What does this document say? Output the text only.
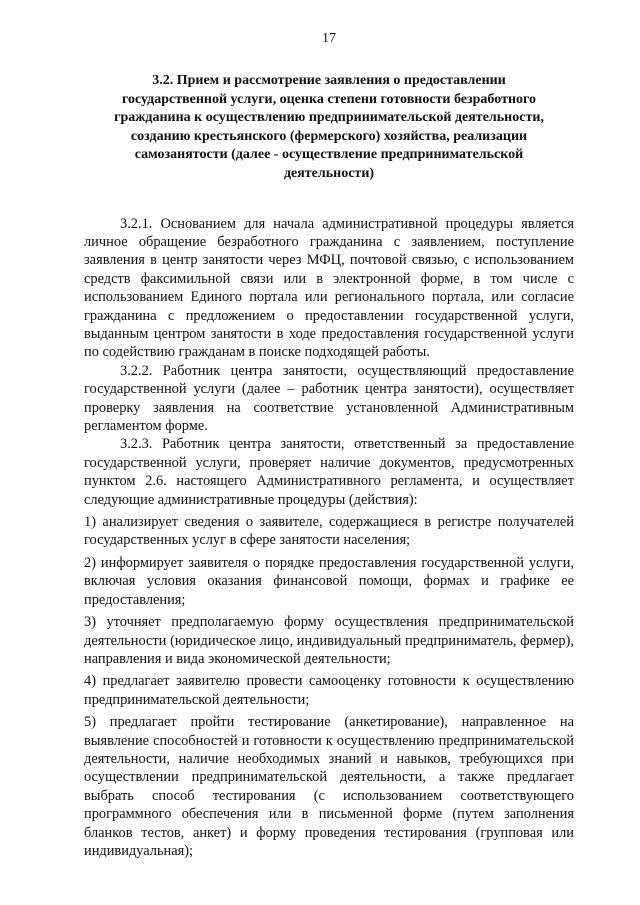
17
3.2. Прием и рассмотрение заявления о предоставлении
государственной услуги, оценка степени готовности безработного
гражданина к осуществлению предпринимательской деятельности,
созданию крестьянского (фермерского) хозяйства, реализации
самозанятости (далее - осуществление предпринимательской
деятельности)

3.2.1. Основанием для начала административной процедуры является личное обращение безработного гражданина с заявлением, поступление заявления в центр занятости через МФЦ, почтовой связью, с использованием средств факсимильной связи или в электронной форме, в том числе с использованием Единого портала или регионального портала, или согласие гражданина с предложением о предоставлении государственной услуги, выданным центром занятости в ходе предоставления государственной услуги по содействию гражданам в поиске подходящей работы.

3.2.2. Работник центра занятости, осуществляющий предоставление государственной услуги (далее – работник центра занятости), осуществляет проверку заявления на соответствие установленной Административным регламентом форме.

3.2.3. Работник центра занятости, ответственный за предоставление государственной услуги, проверяет наличие документов, предусмотренных пунктом 2.6. настоящего Административного регламента, и осуществляет следующие административные процедуры (действия):

1) анализирует сведения о заявителе, содержащиеся в регистре получателей государственных услуг в сфере занятости населения;

2) информирует заявителя о порядке предоставления государственной услуги, включая условия оказания финансовой помощи, формах и графике ее предоставления;

3) уточняет предполагаемую форму осуществления предпринимательской деятельности (юридическое лицо, индивидуальный предприниматель, фермер), направления и вида экономической деятельности;

4) предлагает заявителю провести самооценку готовности к осуществлению предпринимательской деятельности;

5) предлагает пройти тестирование (анкетирование), направленное на выявление способностей и готовности к осуществлению предпринимательской деятельности, наличие необходимых знаний и навыков, требующихся при осуществлении предпринимательской деятельности, а также предлагает выбрать способ тестирования (с использованием соответствующего программного обеспечения или в письменной форме (путем заполнения бланков тестов, анкет) и форму проведения тестирования (групповая или индивидуальная);
